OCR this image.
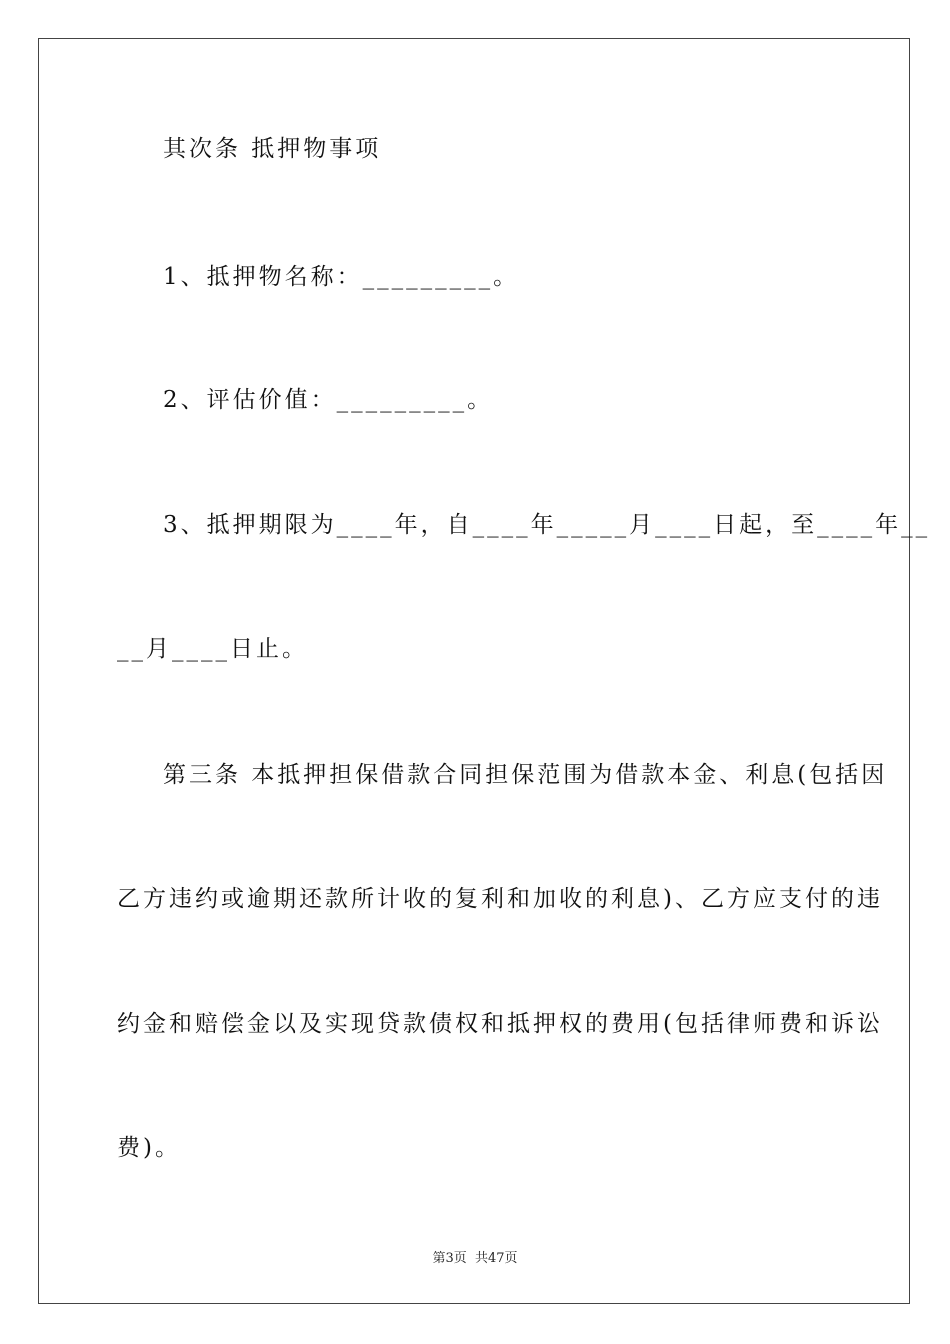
其次条 抵押物事项
1、抵押物名称：_________。
2、评估价值：_________。
3、抵押期限为____年，自____年_____月____日起，至____年__
__月____日止。
第三条 本抵押担保借款合同担保范围为借款本金、利息(包括因
乙方违约或逾期还款所计收的复利和加收的利息)、乙方应支付的违
约金和赔偿金以及实现贷款债权和抵押权的费用(包括律师费和诉讼
费)。
第3页 共47页
